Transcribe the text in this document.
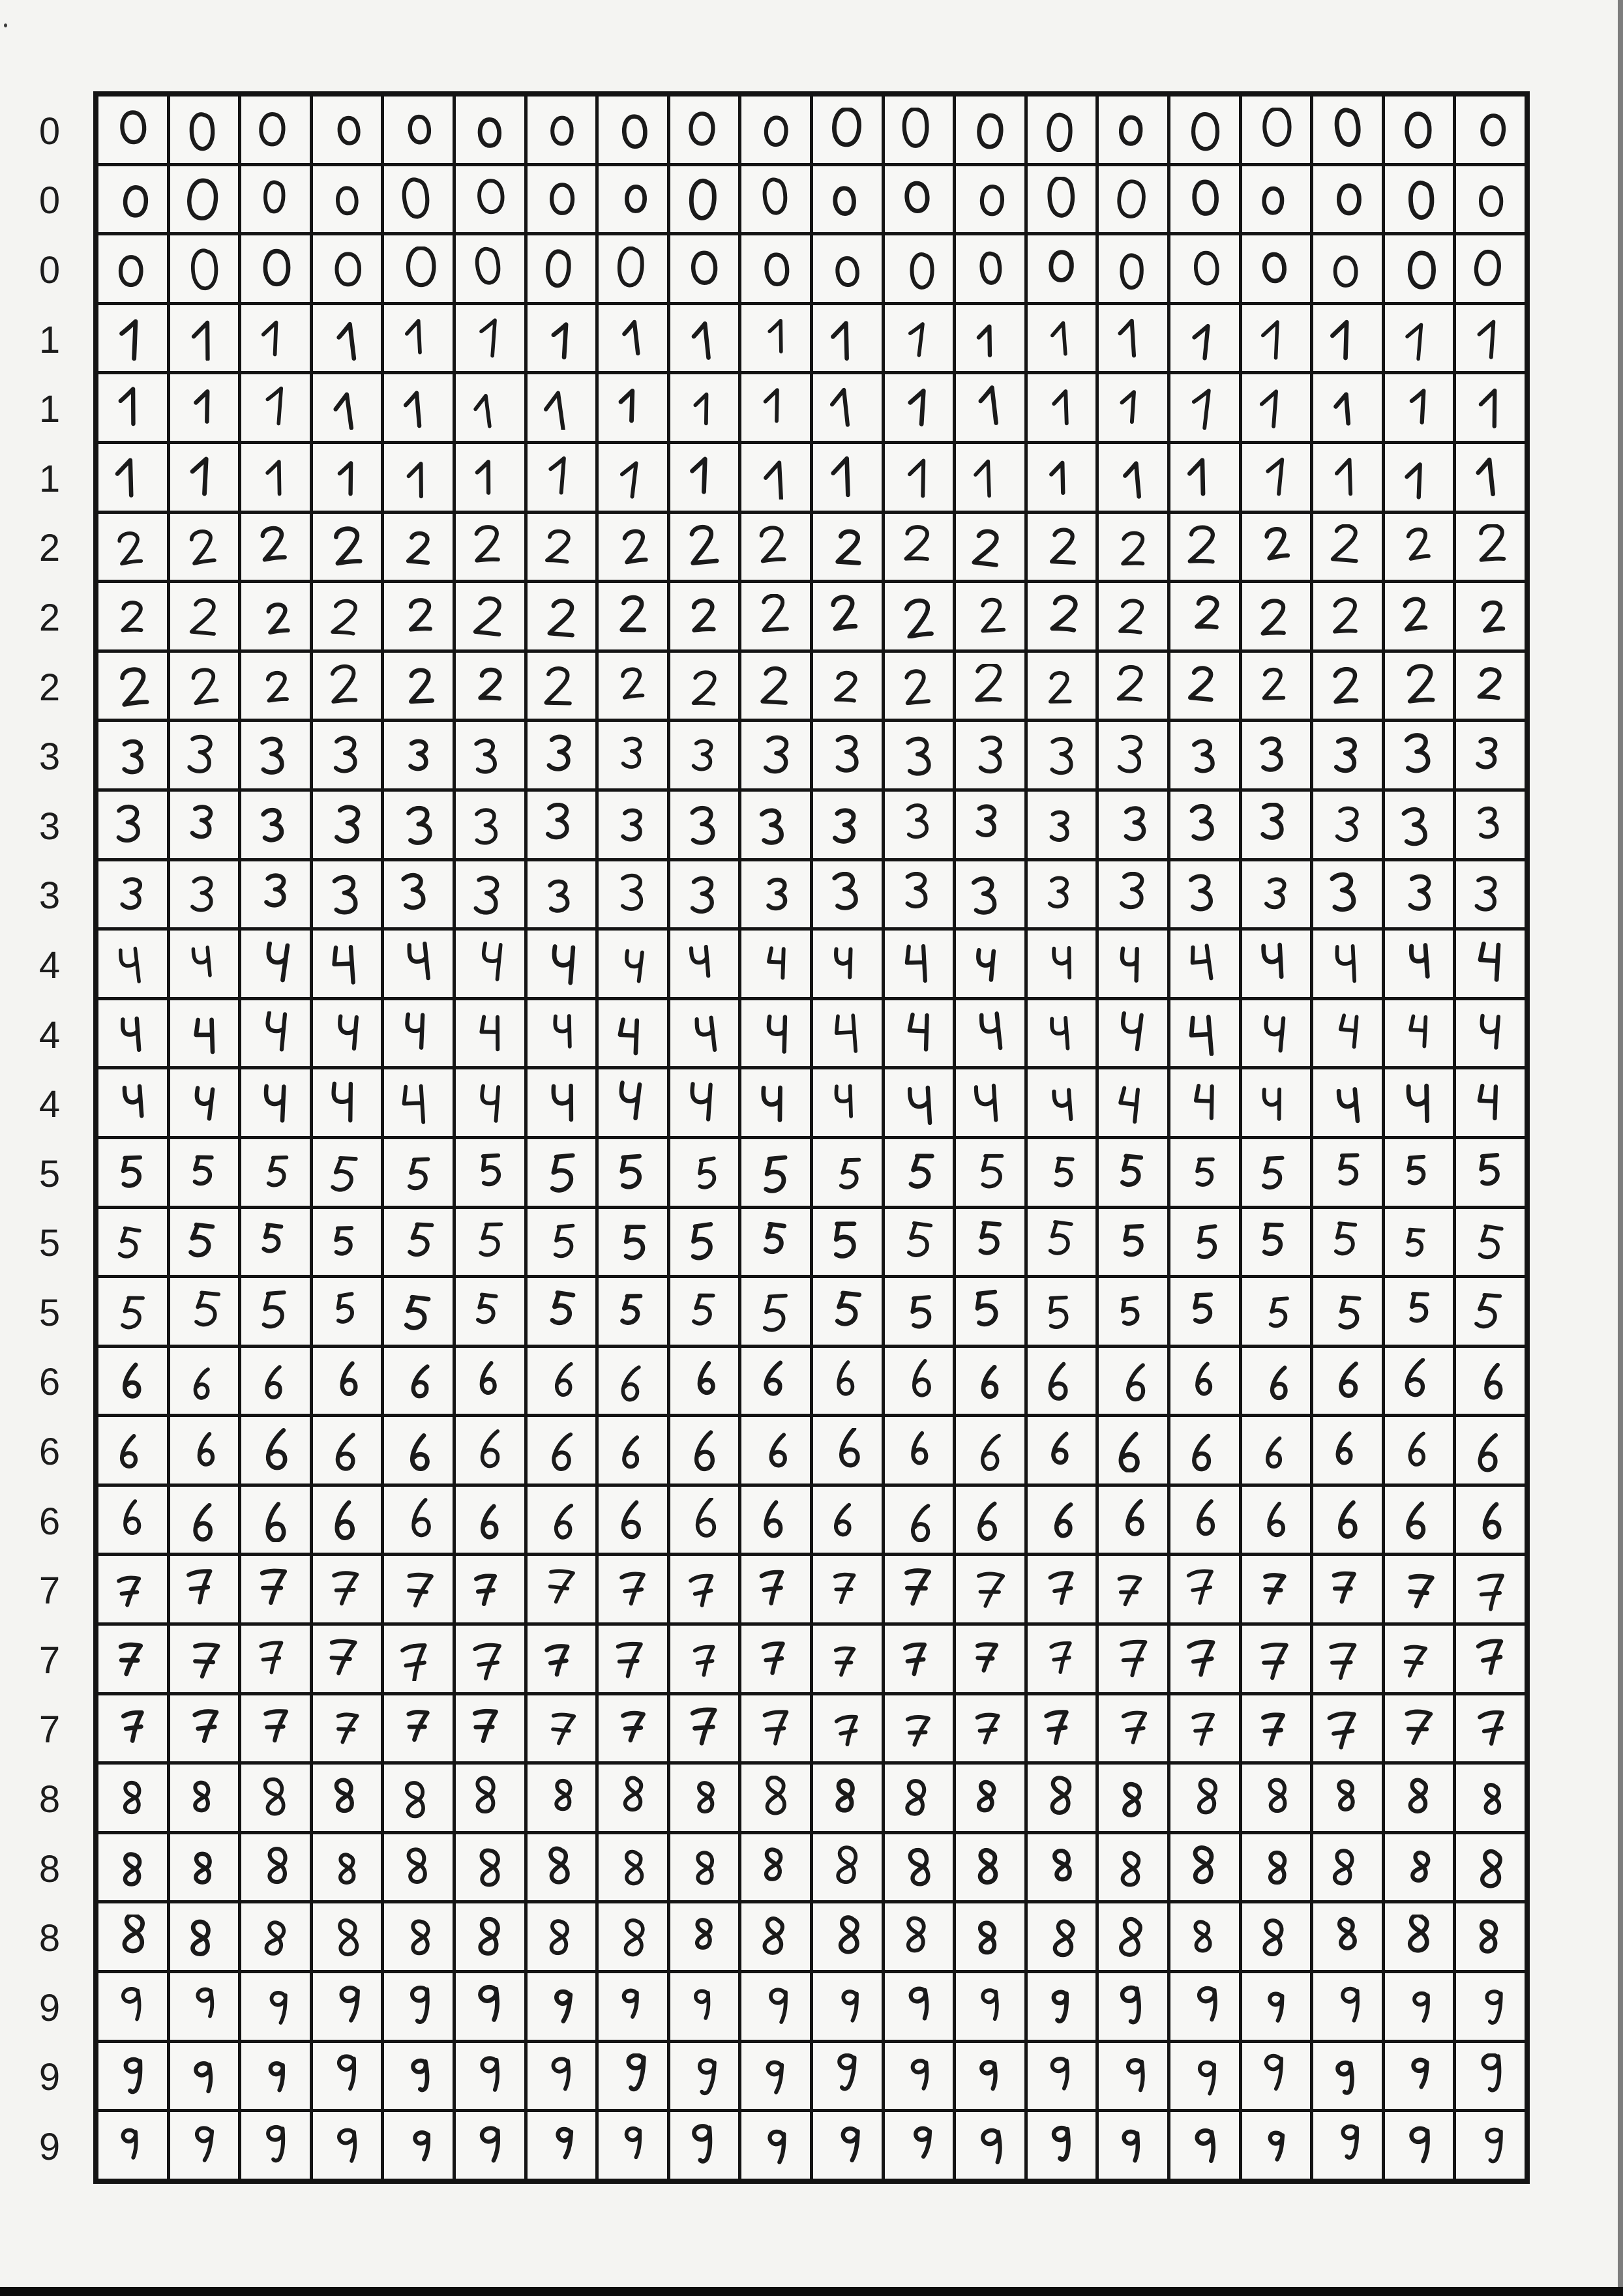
0
0
0
1
1
1
2
2
2
3
3
3
4
4
4
5
5
5
6
6
6
7
7
7
8
8
8
9
9
9
